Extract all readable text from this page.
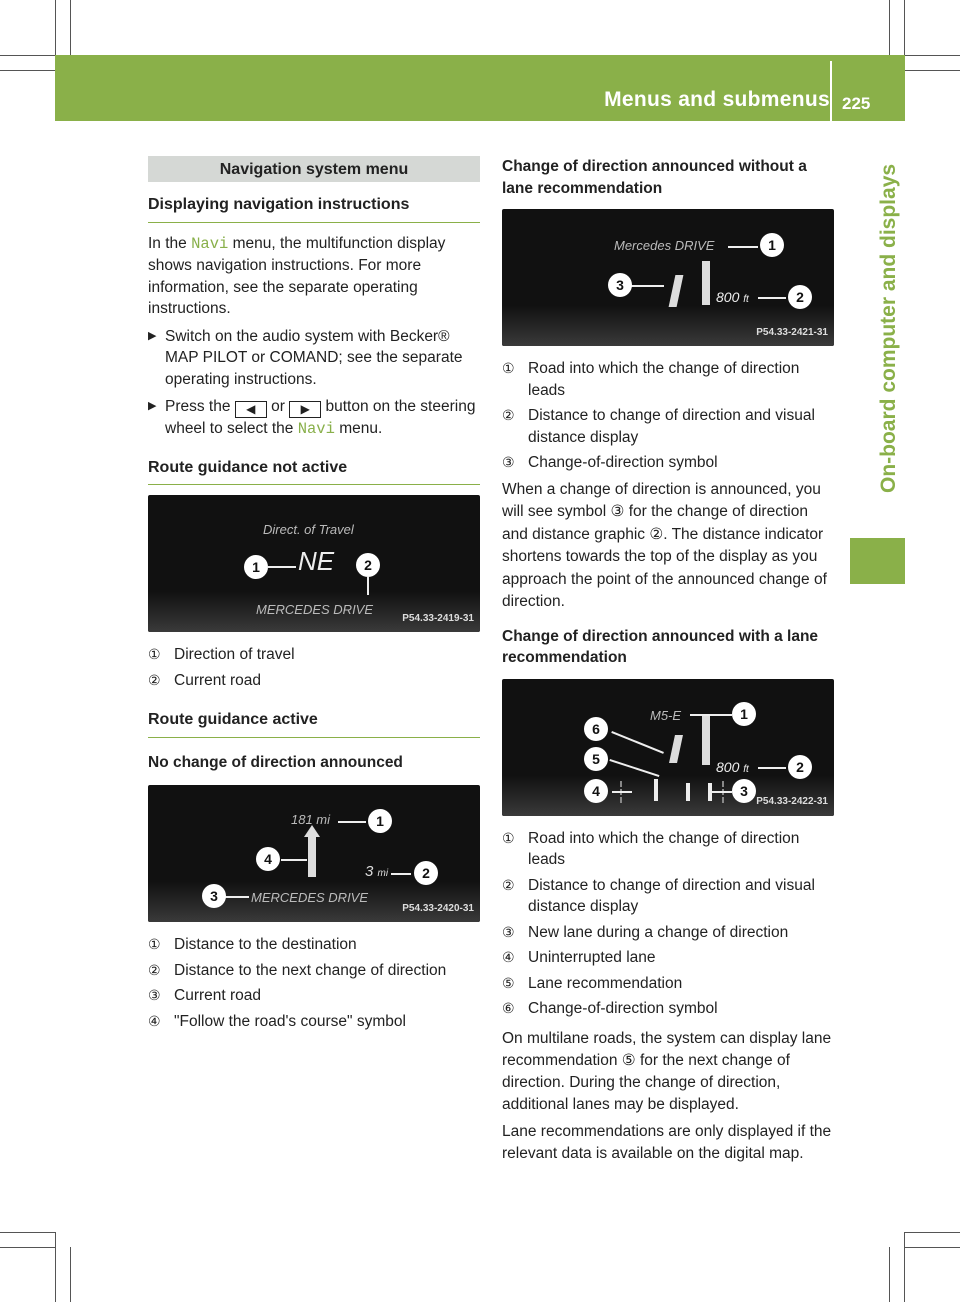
Menus and submenus 225
On-board computer and displays
Navigation system menu
Displaying navigation instructions

In the Navi menu, the multifunction display shows navigation instructions. For more information, see the separate operating instructions.

▶ Switch on the audio system with Becker® MAP PILOT or COMAND; see the separate operating instructions.

▶ Press the ◀ or ▶ button on the steering wheel to select the Navi menu.

Route guidance not active
Direct. of Travel
NE
MERCEDES DRIVE
1	2
P54.33-2419-31
① Direction of travel
② Current road
Route guidance active
No change of direction announced
181 mi
3 mi
MERCEDES DRIVE
1
2
3
4
P54.33-2420-31
① Distance to the destination
② Distance to the next change of direction
③ Current road
④ "Follow the road's course" symbol
Change of direction announced without a lane recommendation
Mercedes DRIVE
800 ft
1
2
3
P54.33-2421-31
① Road into which the change of direction leads
② Distance to change of direction and visual distance display
③ Change-of-direction symbol

When a change of direction is announced, you will see symbol ③ for the change of direction and distance graphic ②. The distance indicator shortens towards the top of the display as you approach the point of the announced change of direction.

Change of direction announced with a lane recommendation
M5-E
800 ft
1
2
3
4
5
6
P54.33-2422-31
① Road into which the change of direction leads
② Distance to change of direction and visual distance display
③ New lane during a change of direction
④ Uninterrupted lane
⑤ Lane recommendation
⑥ Change-of-direction symbol

On multilane roads, the system can display lane recommendation ⑤ for the next change of direction. During the change of direction, additional lanes may be displayed.

Lane recommendations are only displayed if the relevant data is available on the digital map.
